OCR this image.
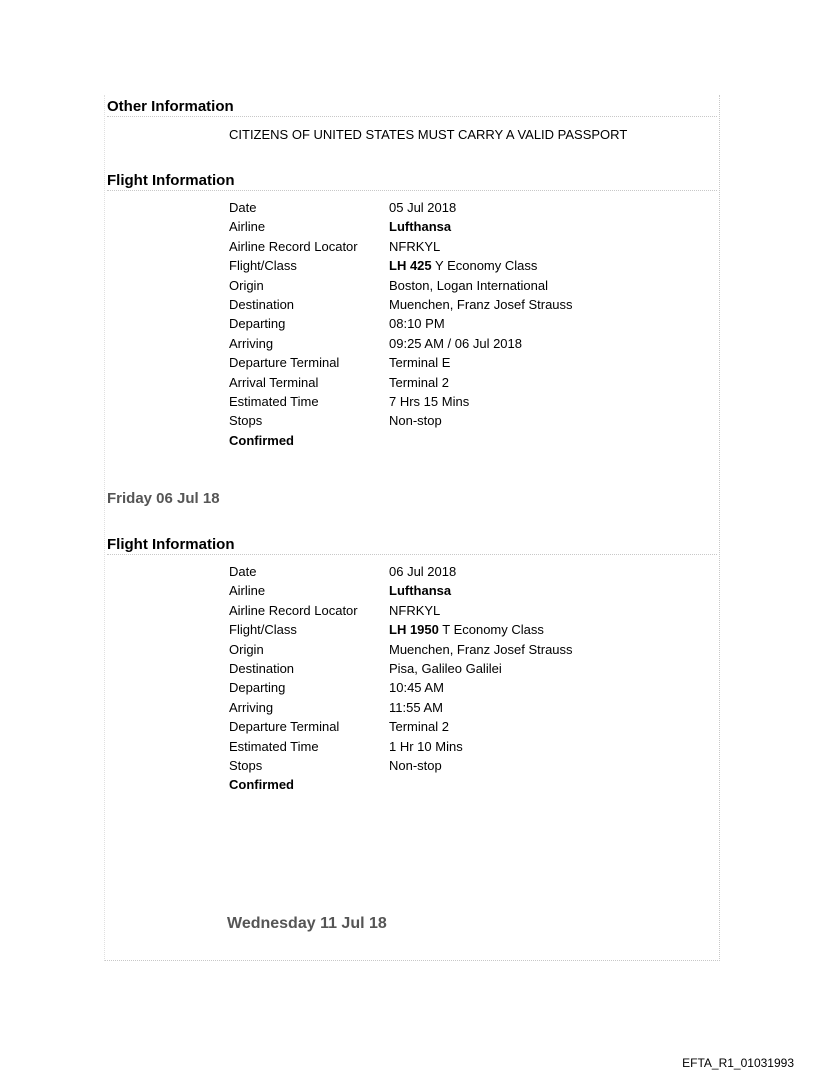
Other Information
CITIZENS OF UNITED STATES MUST CARRY A VALID PASSPORT
Flight Information
Date	05 Jul 2018
Airline	Lufthansa
Airline Record Locator	NFRKYL
Flight/Class	LH 425 Y Economy Class
Origin	Boston, Logan International
Destination	Muenchen, Franz Josef Strauss
Departing	08:10 PM
Arriving	09:25 AM / 06 Jul 2018
Departure Terminal	Terminal E
Arrival Terminal	Terminal 2
Estimated Time	7 Hrs 15 Mins
Stops	Non-stop
Confirmed
Friday 06 Jul 18
Flight Information
Date	06 Jul 2018
Airline	Lufthansa
Airline Record Locator	NFRKYL
Flight/Class	LH 1950 T Economy Class
Origin	Muenchen, Franz Josef Strauss
Destination	Pisa, Galileo Galilei
Departing	10:45 AM
Arriving	11:55 AM
Departure Terminal	Terminal 2
Estimated Time	1 Hr 10 Mins
Stops	Non-stop
Confirmed
Wednesday 11 Jul 18
EFTA_R1_01031993
